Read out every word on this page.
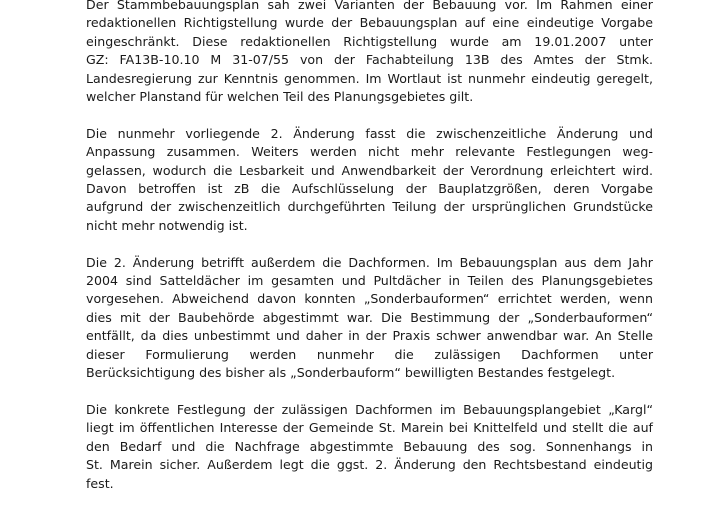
Der Stammbebauungsplan sah zwei Varianten der Bebauung vor. Im Rahmen einer
redaktionellen Richtigstellung wurde der Bebauungsplan auf eine eindeutige Vorgabe
eingeschränkt. Diese redaktionellen Richtigstellung wurde am 19.01.2007 unter
GZ: FA13B-10.10 M 31-07/55 von der Fachabteilung 13B des Amtes der Stmk.
Landesregierung zur Kenntnis genommen. Im Wortlaut ist nunmehr eindeutig geregelt,
welcher Planstand für welchen Teil des Planungsgebietes gilt.
Die nunmehr vorliegende 2. Änderung fasst die zwischenzeitliche Änderung und
Anpassung zusammen. Weiters werden nicht mehr relevante Festlegungen weg-
gelassen, wodurch die Lesbarkeit und Anwendbarkeit der Verordnung erleichtert wird.
Davon betroffen ist zB die Aufschlüsselung der Bauplatzgrößen, deren Vorgabe
aufgrund der zwischenzeitlich durchgeführten Teilung der ursprünglichen Grundstücke
nicht mehr notwendig ist.
Die 2. Änderung betrifft außerdem die Dachformen. Im Bebauungsplan aus dem Jahr
2004 sind Satteldächer im gesamten und Pultdächer in Teilen des Planungsgebietes
vorgesehen. Abweichend davon konnten „Sonderbauformen“ errichtet werden, wenn
dies mit der Baubehörde abgestimmt war. Die Bestimmung der „Sonderbauformen“
entfällt, da dies unbestimmt und daher in der Praxis schwer anwendbar war. An Stelle
dieser Formulierung werden nunmehr die zulässigen Dachformen unter
Berücksichtigung des bisher als „Sonderbauform“ bewilligten Bestandes festgelegt.
Die konkrete Festlegung der zulässigen Dachformen im Bebauungsplangebiet „Kargl“
liegt im öffentlichen Interesse der Gemeinde St. Marein bei Knittelfeld und stellt die auf
den Bedarf und die Nachfrage abgestimmte Bebauung des sog. Sonnenhangs in
St. Marein sicher. Außerdem legt die ggst. 2. Änderung den Rechtsbestand eindeutig
fest.
